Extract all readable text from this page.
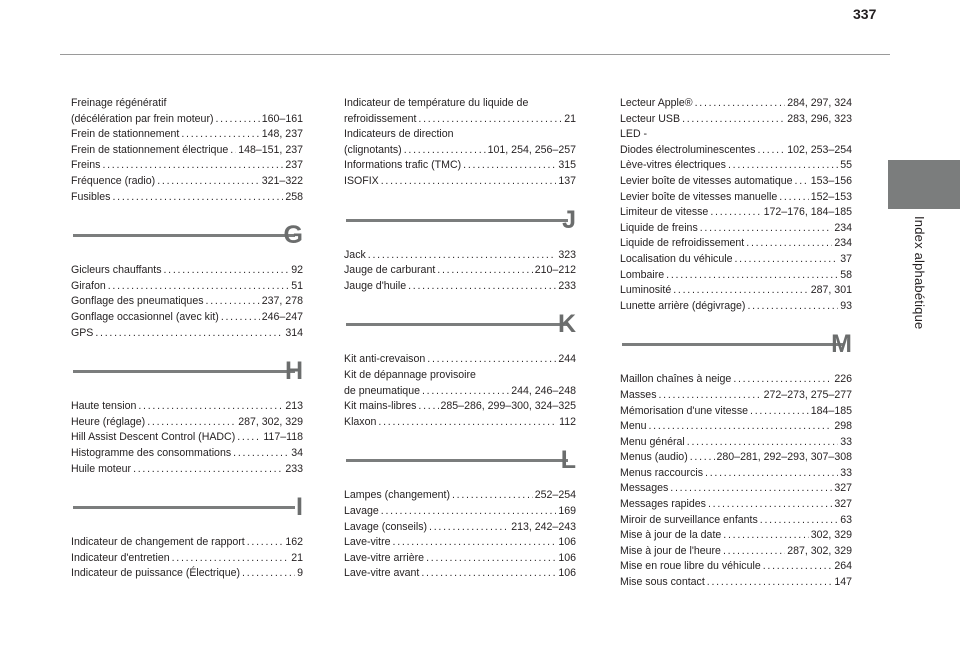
337
Index alphabétique
Freinage régénératif
(décélération par frein moteur) . . .	160–161
Frein de stationnement . . .	148, 237
Frein de stationnement électrique . . . 148–151, 237
Freins . . .	237
Fréquence (radio) . . .	321–322
Fusibles . . .	258
G
Gicleurs chauffants . . .	92
Girafon . . .	51
Gonflage des pneumatiques . . .	237, 278
Gonflage occasionnel (avec kit) . . .	246–247
GPS . . .	314
H
Haute tension . . .	213
Heure (réglage) . . .	287, 302, 329
Hill Assist Descent Control (HADC) . . .	117–118
Histogramme des consommations . . .	34
Huile moteur . . .	233
I
Indicateur de changement de rapport . . .	162
Indicateur d'entretien . . .	21
Indicateur de puissance (Électrique) . . .	9
Indicateur de température du liquide de
refroidissement . . .	21
Indicateurs de direction
(clignotants) . . .	101, 254, 256–257
Informations trafic (TMC) . . .	315
ISOFIX . . .	137
J
Jack . . .	323
Jauge de carburant . . .	210–212
Jauge d'huile . . .	233
K
Kit anti-crevaison . . .	244
Kit de dépannage provisoire
de pneumatique . . .	244, 246–248
Kit mains-libres . . . 285–286, 299–300, 324–325
Klaxon . . .	112
L
Lampes (changement) . . .	252–254
Lavage . . .	169
Lavage (conseils) . . .	213, 242–243
Lave-vitre . . .	106
Lave-vitre arrière . . .	106
Lave-vitre avant . . .	106
Lecteur Apple® . . .	284, 297, 324
Lecteur USB . . .	283, 296, 323
LED -
Diodes électroluminescentes . . .	102, 253–254
Lève-vitres électriques . . .	55
Levier boîte de vitesses automatique . . . 153–156
Levier boîte de vitesses manuelle . . .	152–153
Limiteur de vitesse . . .	172–176, 184–185
Liquide de freins . . .	234
Liquide de refroidissement . . .	234
Localisation du véhicule . . .	37
Lombaire . . .	58
Luminosité . . .	287, 301
Lunette arrière (dégivrage) . . .	93
M
Maillon chaînes à neige . . .	226
Masses . . .	272–273, 275–277
Mémorisation d'une vitesse . . .	184–185
Menu . . .	298
Menu général . . .	33
Menus (audio) . . .	280–281, 292–293, 307–308
Menus raccourcis . . .	33
Messages . . .	327
Messages rapides . . .	327
Miroir de surveillance enfants . . .	63
Mise à jour de la date . . .	302, 329
Mise à jour de l'heure . . .	287, 302, 329
Mise en roue libre du véhicule . . .	264
Mise sous contact . . .	147
